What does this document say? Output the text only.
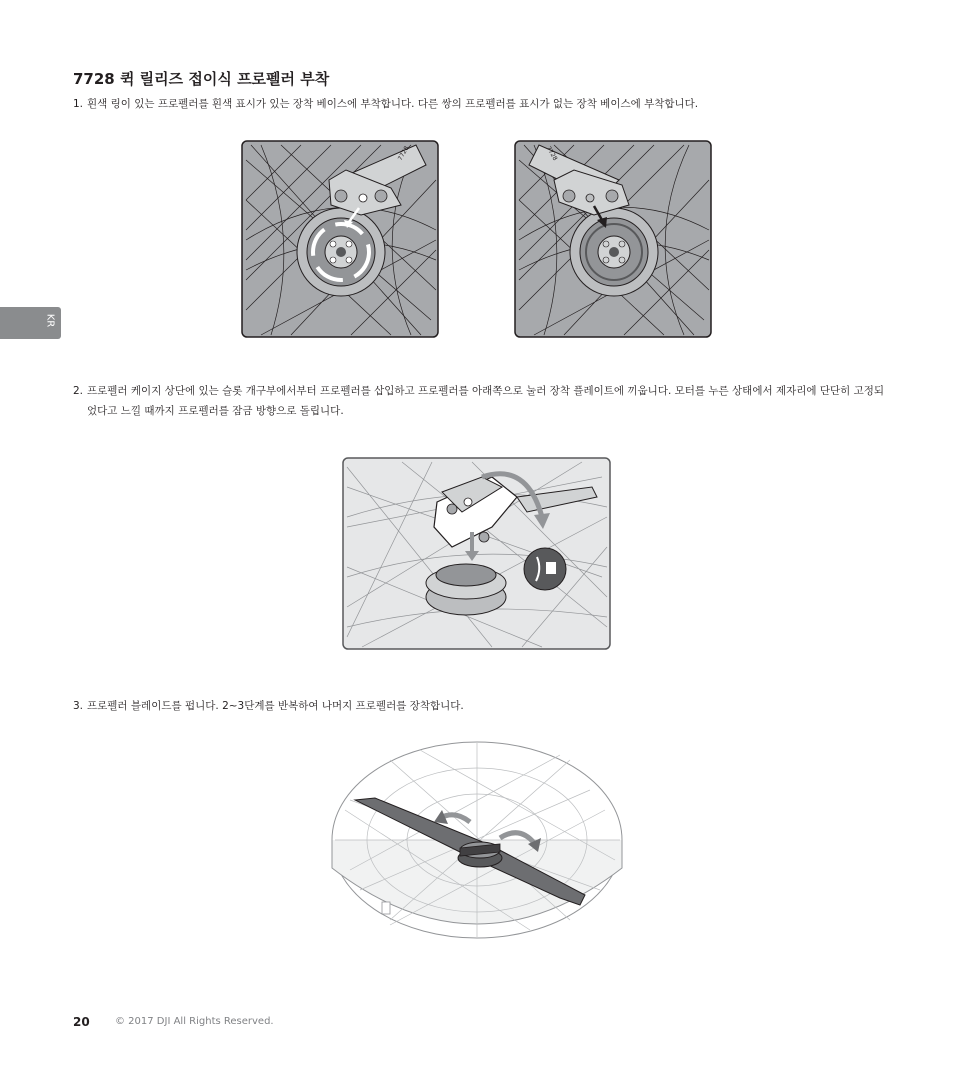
7728 퀵 릴리즈 접이식 프로펠러 부착

1. 흰색 링이 있는 프로펠러를 흰색 표시가 있는 장착 베이스에 부착합니다. 다른 쌍의 프로펠러를 표시가 없는 장착 베이스에 부착합니다.

7728	7728
KR

2. 프로펠러 케이지 상단에 있는 슬롯 개구부에서부터 프로펠러를 삽입하고 프로펠러를 아래쪽으로 눌러 장착 플레이트에 끼웁니다. 모터를 누른 상태에서 제자리에 단단히 고정되었다고 느낄 때까지 프로펠러를 잠금 방향으로 돌립니다.

3. 프로펠러 블레이드를 펍니다. 2~3단계를 반복하여 나머지 프로펠러를 장착합니다.

20	© 2017 DJI All Rights Reserved.
